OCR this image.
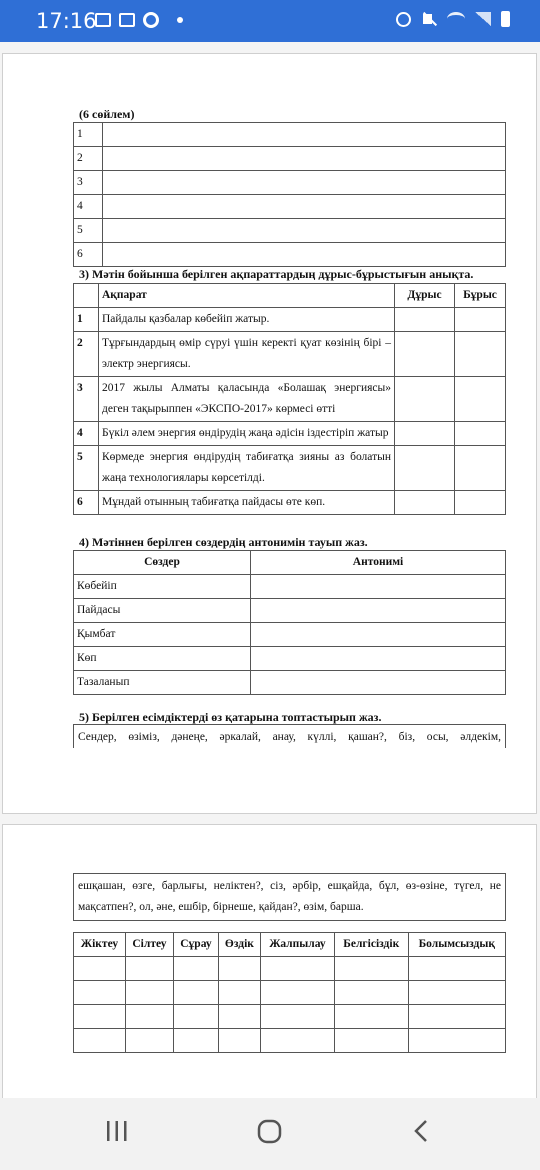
17:16
(6 сөйлем)
1	
2	
3	
4	
5	
6	
3) Мәтін бойынша берілген ақпараттардың дұрыс-бұрыстығын анықта.
	Ақпарат	Дұрыс	Бұрыс
1	Пайдалы қазбалар көбейіп жатыр.		
2	Тұрғындардың өмір сүруі үшін керекті қуат көзінің бірі – электр энергиясы.		
3	2017 жылы Алматы қаласында «Болашақ энергиясы» деген тақырыппен «ЭКСПО-2017» көрмесі өтті		
4	Бүкіл әлем энергия өндірудің жаңа әдісін іздестіріп жатыр		
5	Көрмеде энергия өндірудің табиғатқа зияны аз болатын жаңа технологиялары көрсетілді.		
6	Мұндай отынның табиғатқа пайдасы өте көп.		
4) Мәтіннен берілген сөздердің антонимін тауып жаз.
Сөздер	Антонимі
Көбейіп	
Пайдасы	
Қымбат	
Көп	
Тазаланып	
5) Берілген есімдіктерді өз қатарына топтастырып жаз.
Сендер, өзіміз, дәнеңе, әркалай, анау, күллі, қашан?, біз, осы, әлдекім,
ешқашан, өзге, барлығы, неліктен?, сіз, әрбір, ешқайда, бұл, өз-өзіне, түгел, не мақсатпен?, ол, әне, ешбір, бірнеше, қайдан?, өзім, барша.
Жіктеу	Сілтеу	Сұрау	Өздік	Жалпылау	Белгісіздік	Болымсыздық
